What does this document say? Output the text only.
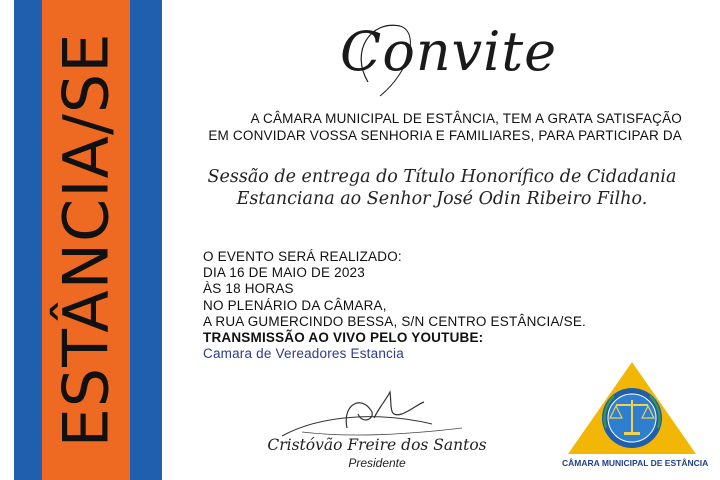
ESTÂNCIA/SE	Convite
A CÂMARA MUNICIPAL DE ESTÂNCIA, TEM A GRATA SATISFAÇÃO
EM CONVIDAR VOSSA SENHORIA E FAMILIARES, PARA PARTICIPAR DA
Sessão de entrega do Título Honorífico de Cidadania
Estanciana ao Senhor José Odin Ribeiro Filho.
O EVENTO SERÁ REALIZADO:
DIA 16 DE MAIO DE 2023
ÀS 18 HORAS
NO PLENÁRIO DA CÂMARA,
A RUA GUMERCINDO BESSA, S/N CENTRO ESTÂNCIA/SE.
TRANSMISSÃO AO VIVO PELO YOUTUBE:
Camara de Vereadores Estancia
Cristóvão Freire dos Santos
Presidente	CÂMARA MUNICIPAL DE ESTÂNCIA
